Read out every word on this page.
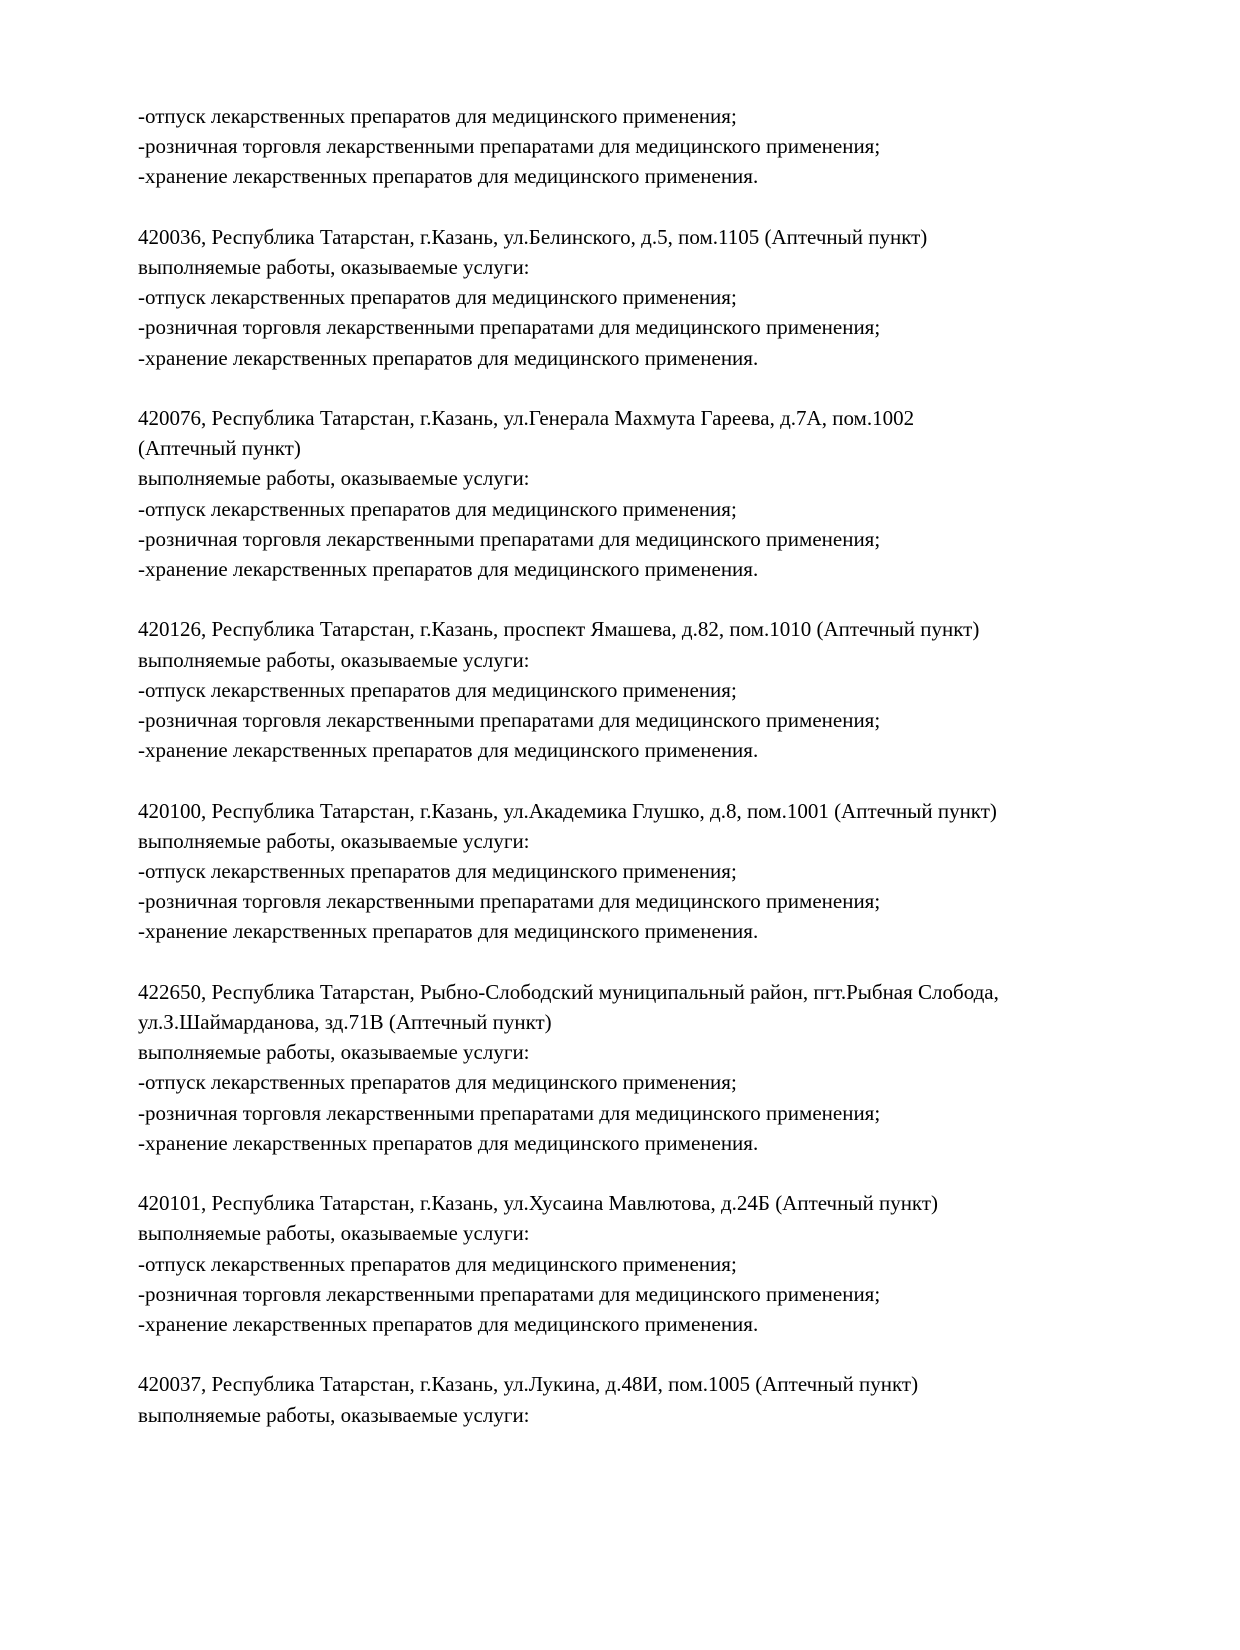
-отпуск лекарственных препаратов для медицинского применения;

-розничная торговля лекарственными препаратами для медицинского применения;

-хранение лекарственных препаратов для медицинского применения.

420036, Республика Татарстан, г.Казань, ул.Белинского, д.5, пом.1105 (Аптечный пункт)

выполняемые работы, оказываемые услуги:

-отпуск лекарственных препаратов для медицинского применения;

-розничная торговля лекарственными препаратами для медицинского применения;

-хранение лекарственных препаратов для медицинского применения.

420076, Республика Татарстан, г.Казань, ул.Генерала Махмута Гареева, д.7А, пом.1002

(Аптечный пункт)

выполняемые работы, оказываемые услуги:

-отпуск лекарственных препаратов для медицинского применения;

-розничная торговля лекарственными препаратами для медицинского применения;

-хранение лекарственных препаратов для медицинского применения.

420126, Республика Татарстан, г.Казань, проспект Ямашева, д.82, пом.1010 (Аптечный пункт)

выполняемые работы, оказываемые услуги:

-отпуск лекарственных препаратов для медицинского применения;

-розничная торговля лекарственными препаратами для медицинского применения;

-хранение лекарственных препаратов для медицинского применения.

420100, Республика Татарстан, г.Казань, ул.Академика Глушко, д.8, пом.1001 (Аптечный пункт)

выполняемые работы, оказываемые услуги:

-отпуск лекарственных препаратов для медицинского применения;

-розничная торговля лекарственными препаратами для медицинского применения;

-хранение лекарственных препаратов для медицинского применения.

422650, Республика Татарстан, Рыбно-Слободский муниципальный район, пгт.Рыбная Слобода,

ул.З.Шаймарданова, зд.71В (Аптечный пункт)

выполняемые работы, оказываемые услуги:

-отпуск лекарственных препаратов для медицинского применения;

-розничная торговля лекарственными препаратами для медицинского применения;

-хранение лекарственных препаратов для медицинского применения.

420101, Республика Татарстан, г.Казань, ул.Хусаина Мавлютова, д.24Б (Аптечный пункт)

выполняемые работы, оказываемые услуги:

-отпуск лекарственных препаратов для медицинского применения;

-розничная торговля лекарственными препаратами для медицинского применения;

-хранение лекарственных препаратов для медицинского применения.

420037, Республика Татарстан, г.Казань, ул.Лукина, д.48И, пом.1005 (Аптечный пункт)

выполняемые работы, оказываемые услуги:
